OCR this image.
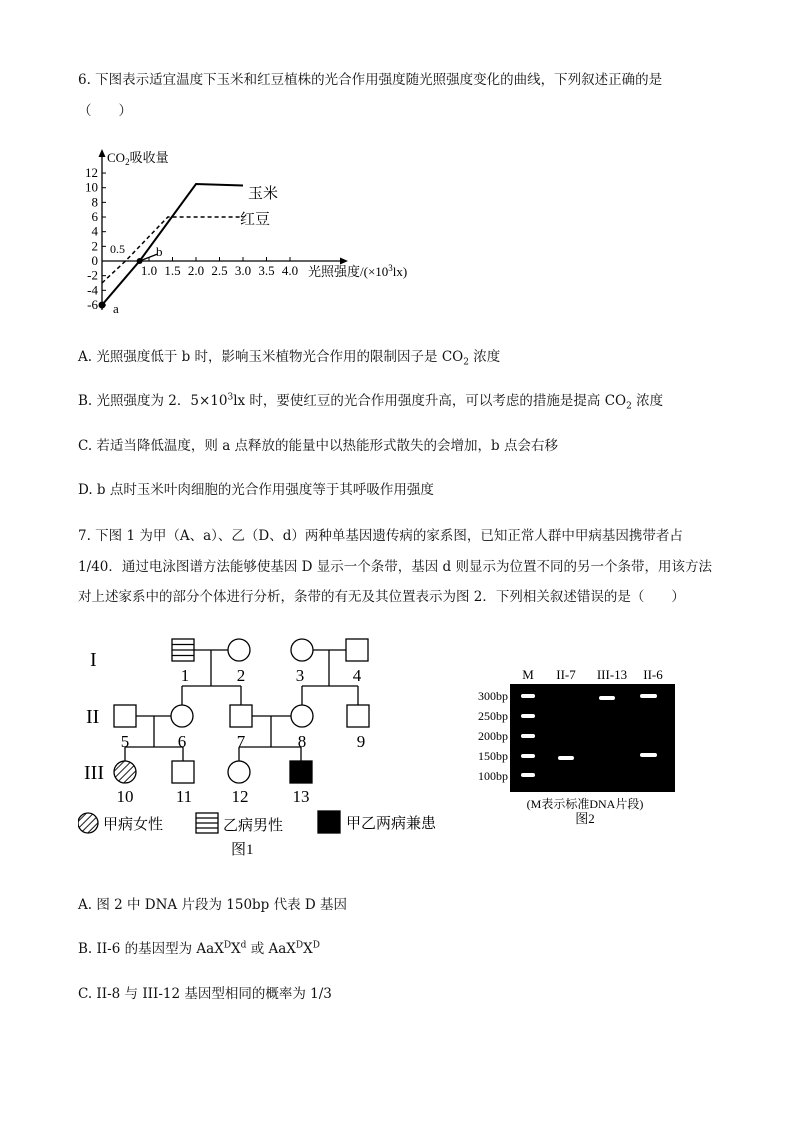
6. 下图表示适宜温度下玉米和红豆植株的光合作用强度随光照强度变化的曲线，下列叙述正确的是
（　　）
$CO_2$吸收量
12
10
8
6
4
2
0
-2
-4
-6
1.0 1.5 2.0 2.5 3.0 3.5 4.0
0.5
光照强度$/(\times 10^3lx)$
a
b
玉米
红豆
A. 光照强度低于 b 时，影响玉米植物光合作用的限制因子是 $CO_2$ 浓度
B. 光照强度为 2．$5\times 10^3lx$ 时，要使红豆的光合作用强度升高，可以考虑的措施是提高 $CO_2$ 浓度
C. 若适当降低温度，则 a 点释放的能量中以热能形式散失的会增加，b 点会右移
D. b 点时玉米叶肉细胞的光合作用强度等于其呼吸作用强度
7. 下图 1 为甲（A、a）、乙（D、d）两种单基因遗传病的家系图，已知正常人群中甲病基因携带者占
1/40．通过电泳图谱方法能够使基因 D 显示一个条带，基因 d 则显示为位置不同的另一个条带，用该方法
对上述家系中的部分个体进行分析，条带的有无及其位置表示为图 2．下列相关叙述错误的是（　　）
I
II
III
1	2	3	4
5	6	7	8	9
10 11 12	13
甲病女性	乙病男性	甲乙两病兼患
图1
M II-7 III-13 II-6
300bp
250bp
200bp
150bp
100bp
(M表示标准DNA片段)
图2
A. 图 2 中 DNA 片段为 150bp 代表 D 基因
B. II-6 的基因型为 $AaX^DX^d$ 或 $AaX^DX^D$
C. II-8 与 III-12 基因型相同的概率为 1/3
